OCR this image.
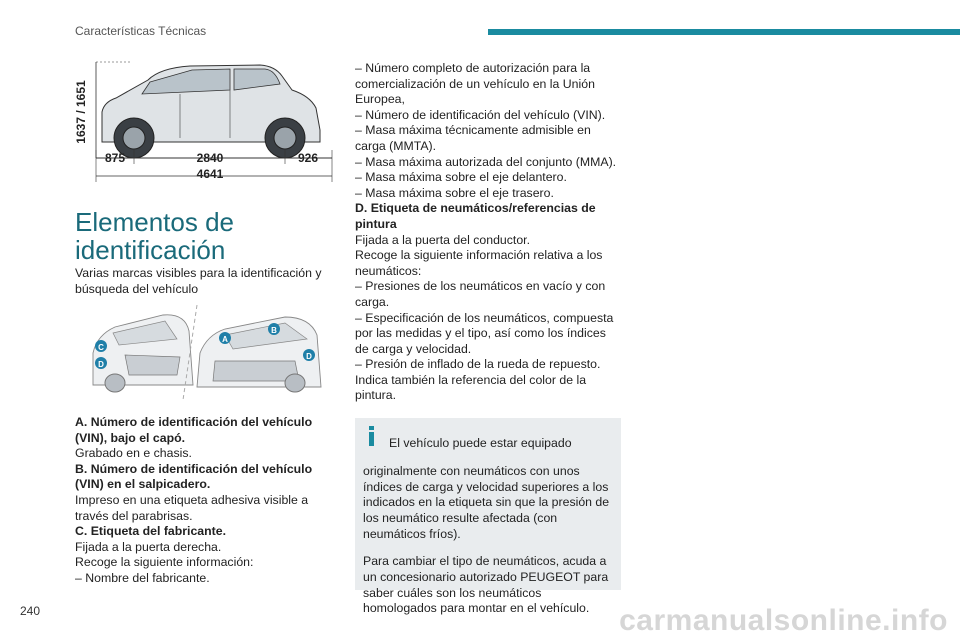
Características Técnicas
1637 / 1651
875	2840	926
4641
Elementos de
identificación
Varias marcas visibles para la identificación y búsqueda del vehículo
C
D
A
B
D

A. Número de identificación del vehículo (VIN), bajo el capó.

Grabado en e chasis.

B. Número de identificación del vehículo (VIN) en el salpicadero.

Impreso en una etiqueta adhesiva visible a través del parabrisas.

C. Etiqueta del fabricante.

Fijada a la puerta derecha.

Recoge la siguiente información:

– Nombre del fabricante.

– Número completo de autorización para la comercialización de un vehículo en la Unión Europea,

– Número de identificación del vehículo (VIN).

– Masa máxima técnicamente admisible en carga (MMTA).

– Masa máxima autorizada del conjunto (MMA).

– Masa máxima sobre el eje delantero.

– Masa máxima sobre el eje trasero.

D. Etiqueta de neumáticos/referencias de pintura

Fijada a la puerta del conductor.

Recoge la siguiente información relativa a los neumáticos:

– Presiones de los neumáticos en vacío y con carga.

– Especificación de los neumáticos, compuesta por las medidas y el tipo, así como los índices de carga y velocidad.

– Presión de inflado de la rueda de repuesto.

Indica también la referencia del color de la pintura.

El vehículo puede estar equipado

originalmente con neumáticos con unos índices de carga y velocidad superiores a los indicados en la etiqueta sin que la presión de los neumático resulte afectada (con neumáticos fríos).

Para cambiar el tipo de neumáticos, acuda a un concesionario autorizado PEUGEOT para saber cuáles son los neumáticos homologados para montar en el vehículo.

240	carmanualsonline.info
